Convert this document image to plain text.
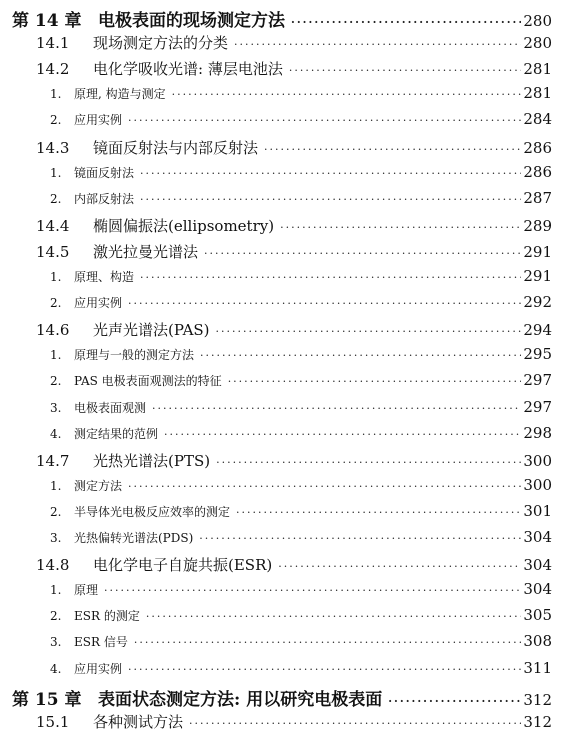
第 14 章 电极表面的现场测定方法 ·····	280
14.1	现场测定方法的分类 ·····	280
14.2	电化学吸收光谱: 薄层电池法 ·····	281
1.	原理, 构造与测定 ·····	281
2.	应用实例 ·····	284
14.3	镜面反射法与内部反射法 ·····	286
1.	镜面反射法 ·····	286
2.	内部反射法 ·····	287
14.4	椭圆偏振法(ellipsometry) ·····	289
14.5	激光拉曼光谱法 ·····	291
1.	原理、构造 ·····	291
2.	应用实例 ·····	292
14.6	光声光谱法(PAS) ·····	294
1.	原理与一般的测定方法 ·····	295
2.	PAS 电极表面观测法的特征 ·····	297
3.	电极表面观测 ·····	297
4.	测定结果的范例 ·····	298
14.7	光热光谱法(PTS) ·····	300
1.	测定方法 ·····	300
2.	半导体光电极反应效率的测定 ·····	301
3.	光热偏转光谱法(PDS) ·····	304
14.8	电化学电子自旋共振(ESR) ·····	304
1.	原理 ·····	304
2.	ESR 的测定 ·····	305
3.	ESR 信号 ·····	308
4.	应用实例 ·····	311
第 15 章 表面状态测定方法: 用以研究电极表面 ·····	312
15.1	各种测试方法 ·····	312
